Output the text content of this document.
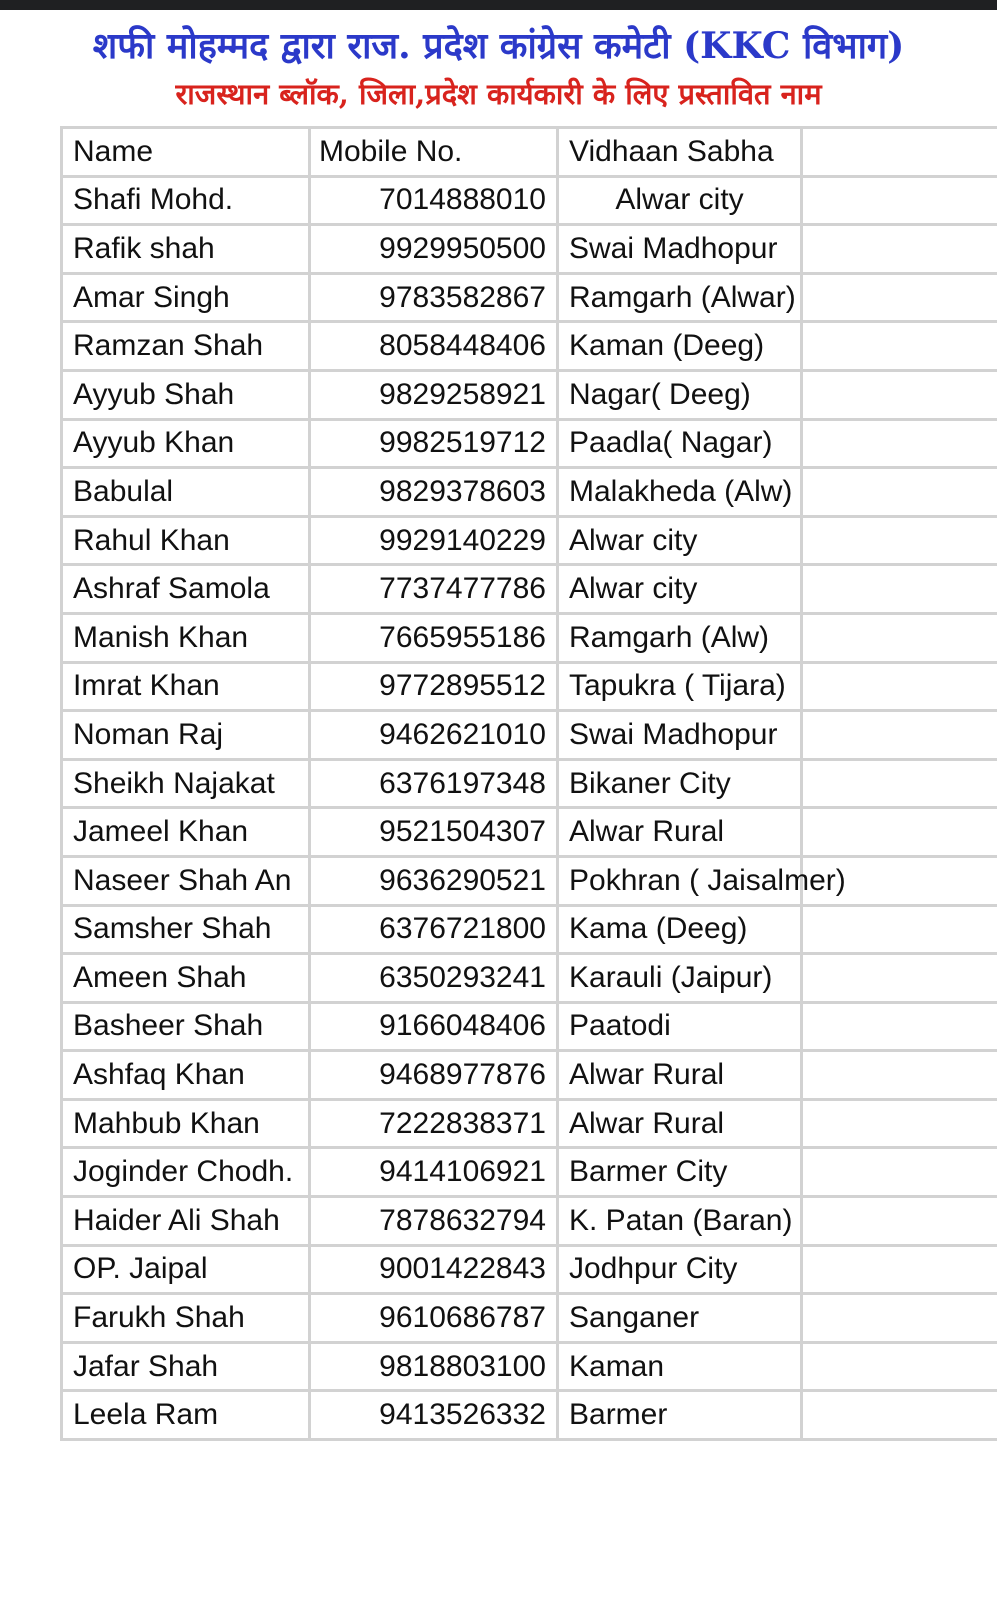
शफी मोहम्मद द्वारा राज. प्रदेश कांग्रेस कमेटी (KKC विभाग)
राजस्थान ब्लॉक, जिला,प्रदेश कार्यकारी के लिए प्रस्तावित नाम
Name	Mobile No.	Vidhaan Sabha	
Shafi Mohd.	7014888010	Alwar city	
Rafik shah	9929950500	Swai Madhopur	
Amar Singh	9783582867	Ramgarh (Alwar)	
Ramzan Shah	8058448406	Kaman (Deeg)	
Ayyub Shah	9829258921	Nagar( Deeg)	
Ayyub Khan	9982519712	Paadla( Nagar)	
Babulal	9829378603	Malakheda (Alw)	
Rahul Khan	9929140229	Alwar city	
Ashraf Samola	7737477786	Alwar city	
Manish Khan	7665955186	Ramgarh (Alw)	
Imrat Khan	9772895512	Tapukra ( Tijara)	
Noman Raj	9462621010	Swai Madhopur	
Sheikh Najakat	6376197348	Bikaner City	
Jameel Khan	9521504307	Alwar Rural	
Naseer Shah An	9636290521	Pokhran ( Jaisalmer)	
Samsher Shah	6376721800	Kama (Deeg)	
Ameen Shah	6350293241	Karauli (Jaipur)	
Basheer Shah	9166048406	Paatodi	
Ashfaq Khan	9468977876	Alwar Rural	
Mahbub Khan	7222838371	Alwar Rural	
Joginder Chodh.	9414106921	Barmer City	
Haider Ali Shah	7878632794	K. Patan (Baran)	
OP. Jaipal	9001422843	Jodhpur City	
Farukh Shah	9610686787	Sanganer	
Jafar Shah	9818803100	Kaman	
Leela Ram	9413526332	Barmer	
